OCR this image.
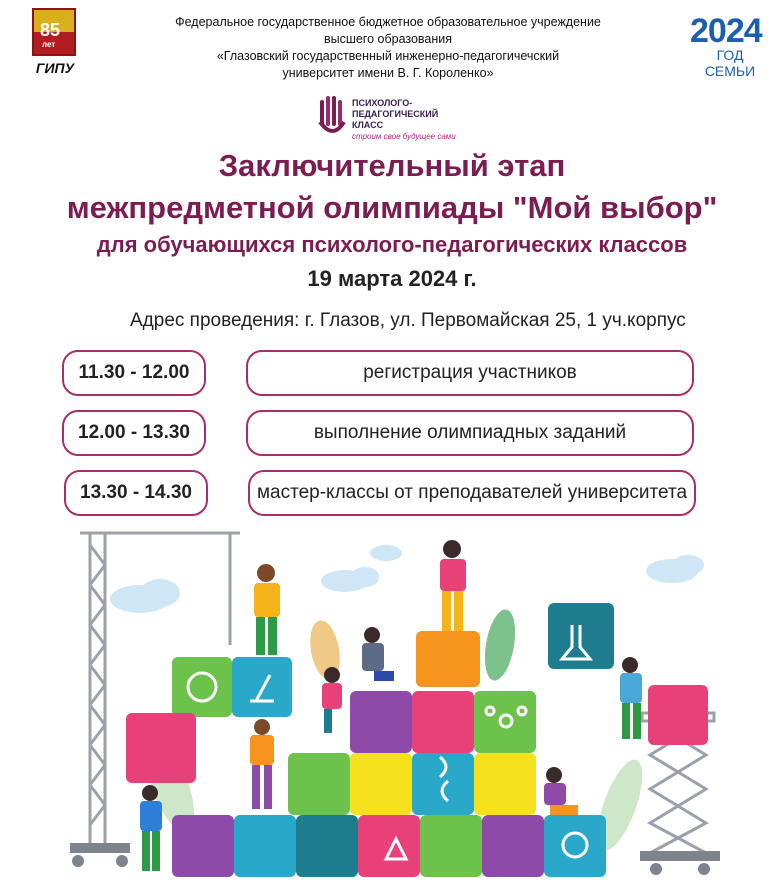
85
лет
ГИПУ
Федеральное государственное бюджетное образовательное учреждение
высшего образования
«Глазовский государственный инженерно-педагогичечский
университет имени В. Г. Короленко»
2024
ГОД СЕМЬИ
ПСИХОЛОГО-
ПЕДАГОГИЧЕСКИЙ
КЛАСС
строим свое будущее сами
Заключительный этап
межпредметной олимпиады "Мой выбор"
для обучающихся психолого-педагогических классов
19 марта 2024 г.
Адрес проведения: г. Глазов, ул. Первомайская 25, 1 уч.корпус
11.30 - 12.00	регистрация участников
12.00 - 13.30	выполнение олимпиадных заданий
13.30 - 14.30	мастер-классы от преподавателей университета
